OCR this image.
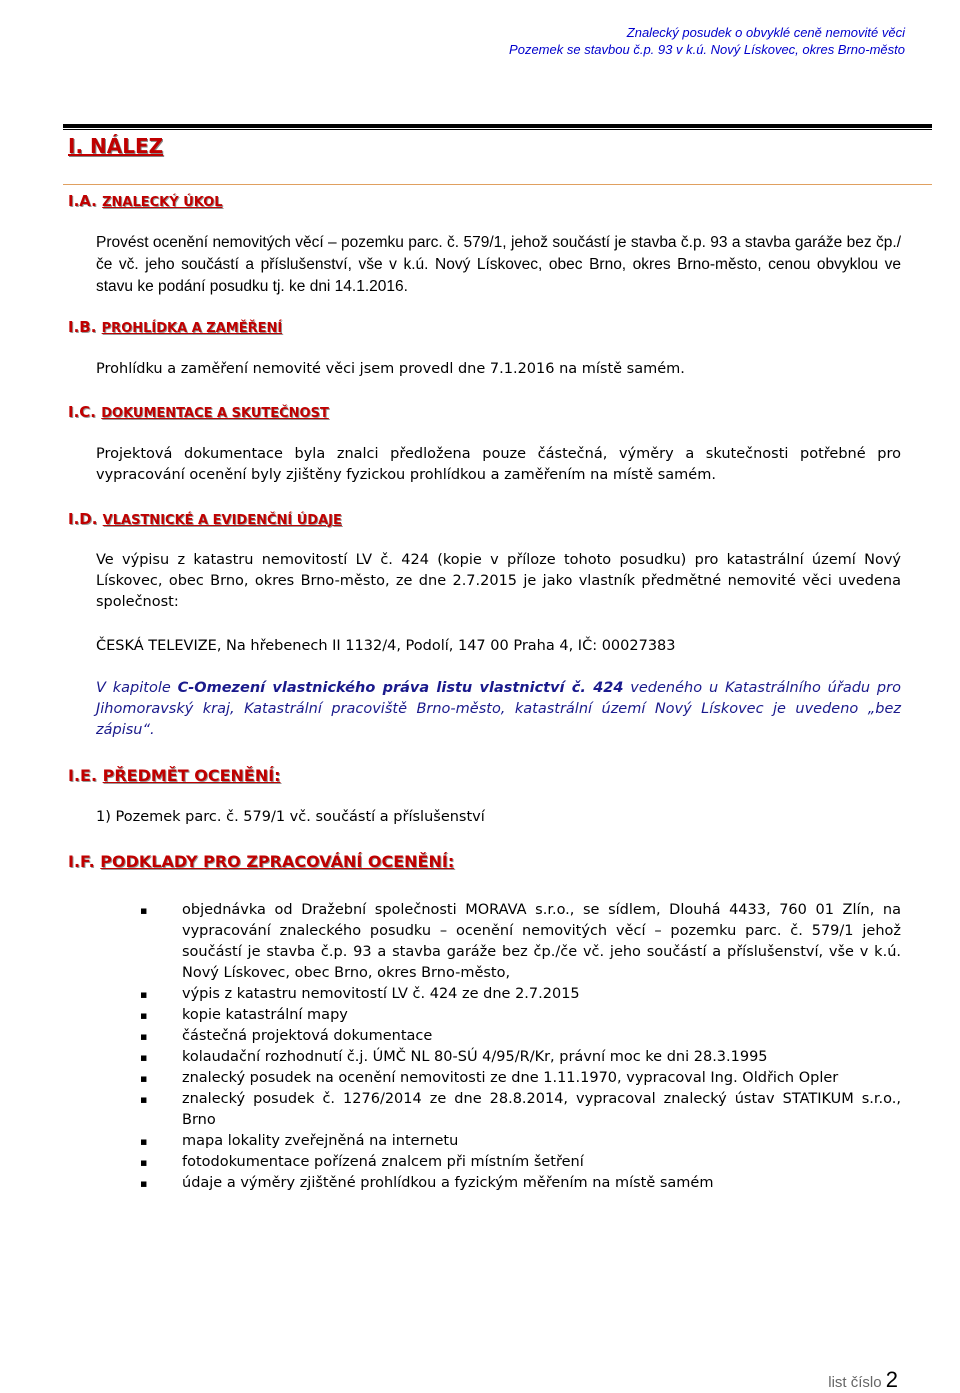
Znalecký posudek o obvyklé ceně nemovité věci
Pozemek se stavbou č.p. 93 v k.ú. Nový Lískovec, okres Brno-město
I. NÁLEZ
I.A. ZNALECKÝ ÚKOL
Provést ocenění nemovitých věcí – pozemku parc. č. 579/1, jehož součástí je stavba č.p. 93 a stavba garáže bez čp./če vč. jeho součástí a příslušenství, vše v k.ú. Nový Lískovec, obec Brno, okres Brno-město, cenou obvyklou ve stavu ke podání posudku tj. ke dni 14.1.2016.
I.B. PROHLÍDKA A ZAMĚŘENÍ
Prohlídku a zaměření nemovité věci jsem provedl dne 7.1.2016 na místě samém.
I.C. DOKUMENTACE A SKUTEČNOST
Projektová dokumentace byla znalci předložena pouze částečná, výměry a skutečnosti potřebné pro vypracování ocenění byly zjištěny fyzickou prohlídkou a zaměřením na místě samém.
I.D. VLASTNICKÉ A EVIDENČNÍ ÚDAJE
Ve výpisu z katastru nemovitostí LV č. 424 (kopie v příloze tohoto posudku) pro katastrální území Nový Lískovec, obec Brno, okres Brno-město, ze dne 2.7.2015 je jako vlastník předmětné nemovité věci uvedena společnost:
ČESKÁ TELEVIZE, Na hřebenech II 1132/4, Podolí, 147 00 Praha 4, IČ: 00027383
V kapitole C-Omezení vlastnického práva listu vlastnictví č. 424 vedeného u Katastrálního úřadu pro Jihomoravský kraj, Katastrální pracoviště Brno-město, katastrální území Nový Lískovec je uvedeno „bez zápisu“.
I.E. PŘEDMĚT OCENĚNÍ:
1) Pozemek parc. č. 579/1 vč. součástí a příslušenství
I.F. PODKLADY PRO ZPRACOVÁNÍ OCENĚNÍ:
▪	objednávka od Dražební společnosti MORAVA s.r.o., se sídlem, Dlouhá 4433, 760 01 Zlín, na vypracování znaleckého posudku – ocenění nemovitých věcí – pozemku parc. č. 579/1 jehož součástí je stavba č.p. 93 a stavba garáže bez čp./če vč. jeho součástí a příslušenství, vše v k.ú. Nový Lískovec, obec Brno, okres Brno-město,
▪	výpis z katastru nemovitostí LV č. 424 ze dne 2.7.2015
▪	kopie katastrální mapy
▪	částečná projektová dokumentace
▪	kolaudační rozhodnutí č.j. ÚMČ NL 80-SÚ 4/95/R/Kr, právní moc ke dni 28.3.1995
▪	znalecký posudek na ocenění nemovitosti ze dne 1.11.1970, vypracoval Ing. Oldřich Opler
▪	znalecký posudek č. 1276/2014 ze dne 28.8.2014, vypracoval znalecký ústav STATIKUM s.r.o., Brno
▪	mapa lokality zveřejněná na internetu
▪	fotodokumentace pořízená znalcem při místním šetření
▪	údaje a výměry zjištěné prohlídkou a fyzickým měřením na místě samém
list číslo 2
